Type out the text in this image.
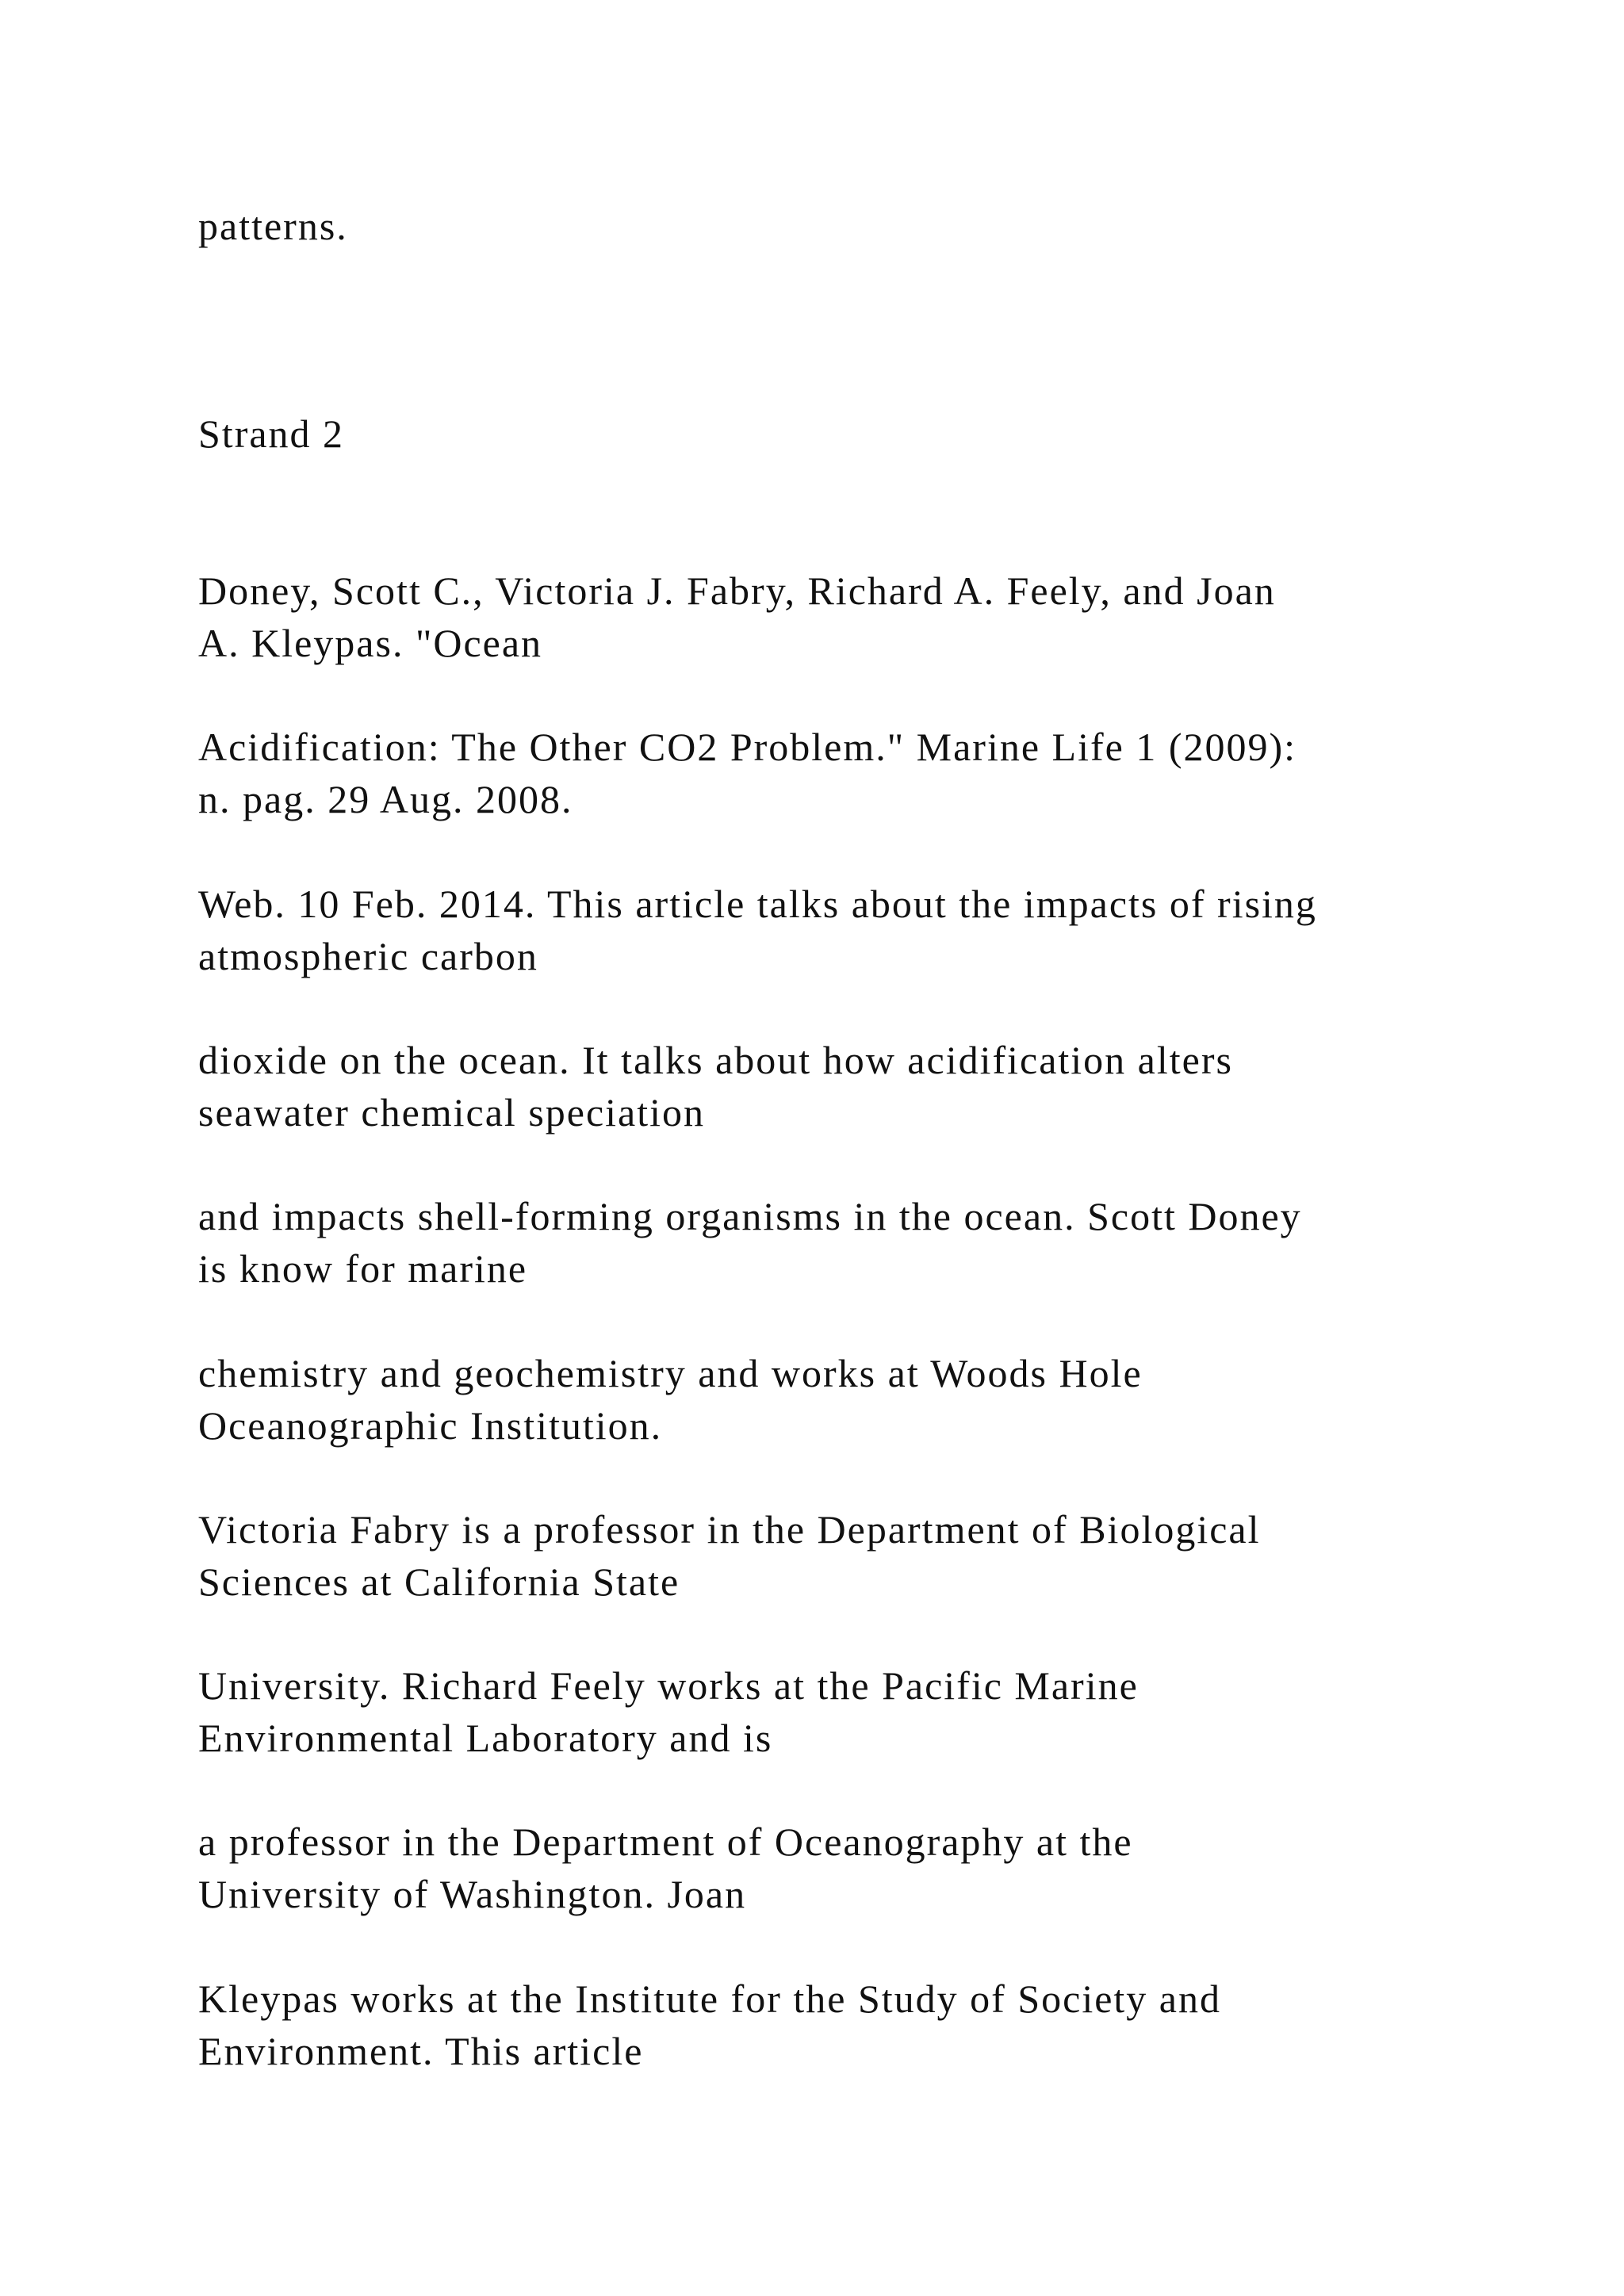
patterns.

Strand 2

Doney, Scott C., Victoria J. Fabry, Richard A. Feely, and Joan

A. Kleypas. "Ocean

Acidification: The Other CO2 Problem." Marine Life 1 (2009):

n. pag. 29 Aug. 2008.

Web. 10 Feb. 2014. This article talks about the impacts of rising

atmospheric carbon

dioxide on the ocean. It talks about how acidification alters

seawater chemical speciation

and impacts shell-forming organisms in the ocean. Scott Doney

is know for marine

chemistry and geochemistry and works at Woods Hole

Oceanographic Institution.

Victoria Fabry is a professor in the Department of Biological

Sciences at California State

University. Richard Feely works at the Pacific Marine

Environmental Laboratory and is

a professor in the Department of Oceanography at the

University of Washington. Joan

Kleypas works at the Institute for the Study of Society and

Environment. This article
